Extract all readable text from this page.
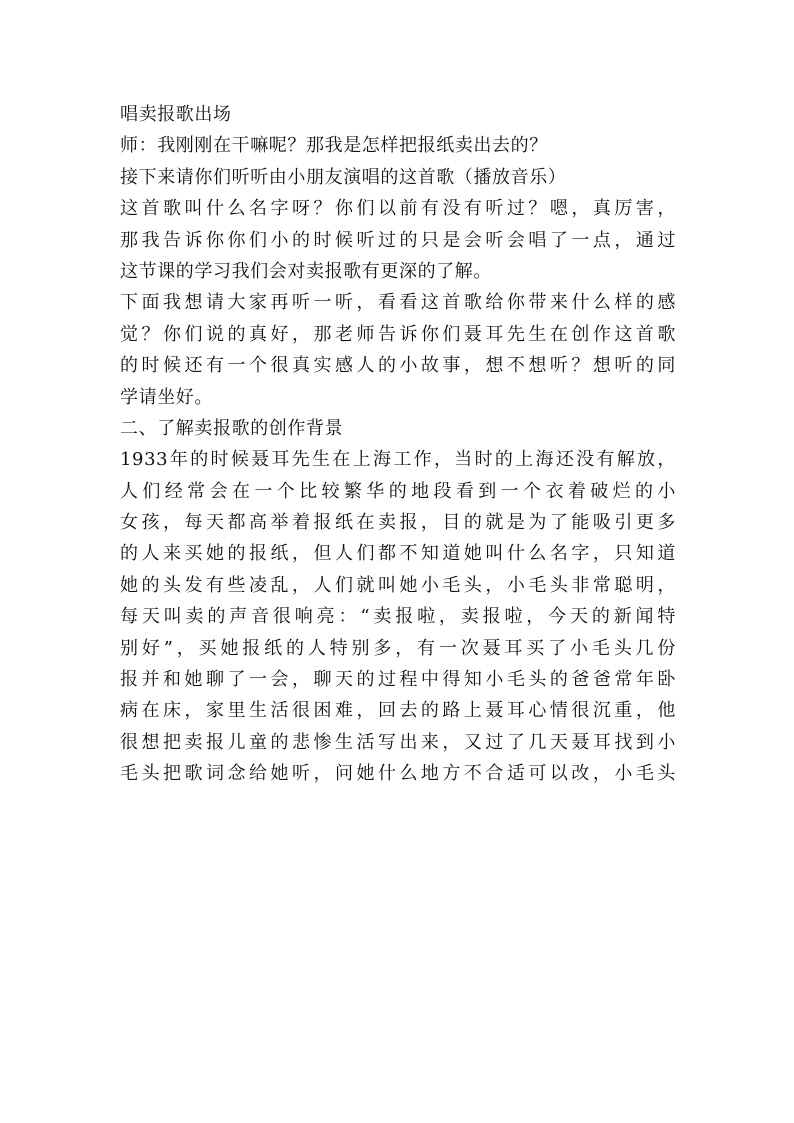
唱卖报歌出场
师：我刚刚在干嘛呢？那我是怎样把报纸卖出去的？
接下来请你们听听由小朋友演唱的这首歌（播放音乐）
这首歌叫什么名字呀？你们以前有没有听过？嗯，真厉害，
那我告诉你你们小的时候听过的只是会听会唱了一点，通过
这节课的学习我们会对卖报歌有更深的了解。
下面我想请大家再听一听，看看这首歌给你带来什么样的感
觉？你们说的真好，那老师告诉你们聂耳先生在创作这首歌
的时候还有一个很真实感人的小故事，想不想听？想听的同
学请坐好。
二、了解卖报歌的创作背景
1933年的时候聂耳先生在上海工作，当时的上海还没有解放，
人们经常会在一个比较繁华的地段看到一个衣着破烂的小
女孩，每天都高举着报纸在卖报，目的就是为了能吸引更多
的人来买她的报纸，但人们都不知道她叫什么名字，只知道
她的头发有些凌乱，人们就叫她小毛头，小毛头非常聪明，
每天叫卖的声音很响亮：“卖报啦，卖报啦，今天的新闻特
别好”，买她报纸的人特别多，有一次聂耳买了小毛头几份
报并和她聊了一会，聊天的过程中得知小毛头的爸爸常年卧
病在床，家里生活很困难，回去的路上聂耳心情很沉重，他
很想把卖报儿童的悲惨生活写出来，又过了几天聂耳找到小
毛头把歌词念给她听，问她什么地方不合适可以改，小毛头
